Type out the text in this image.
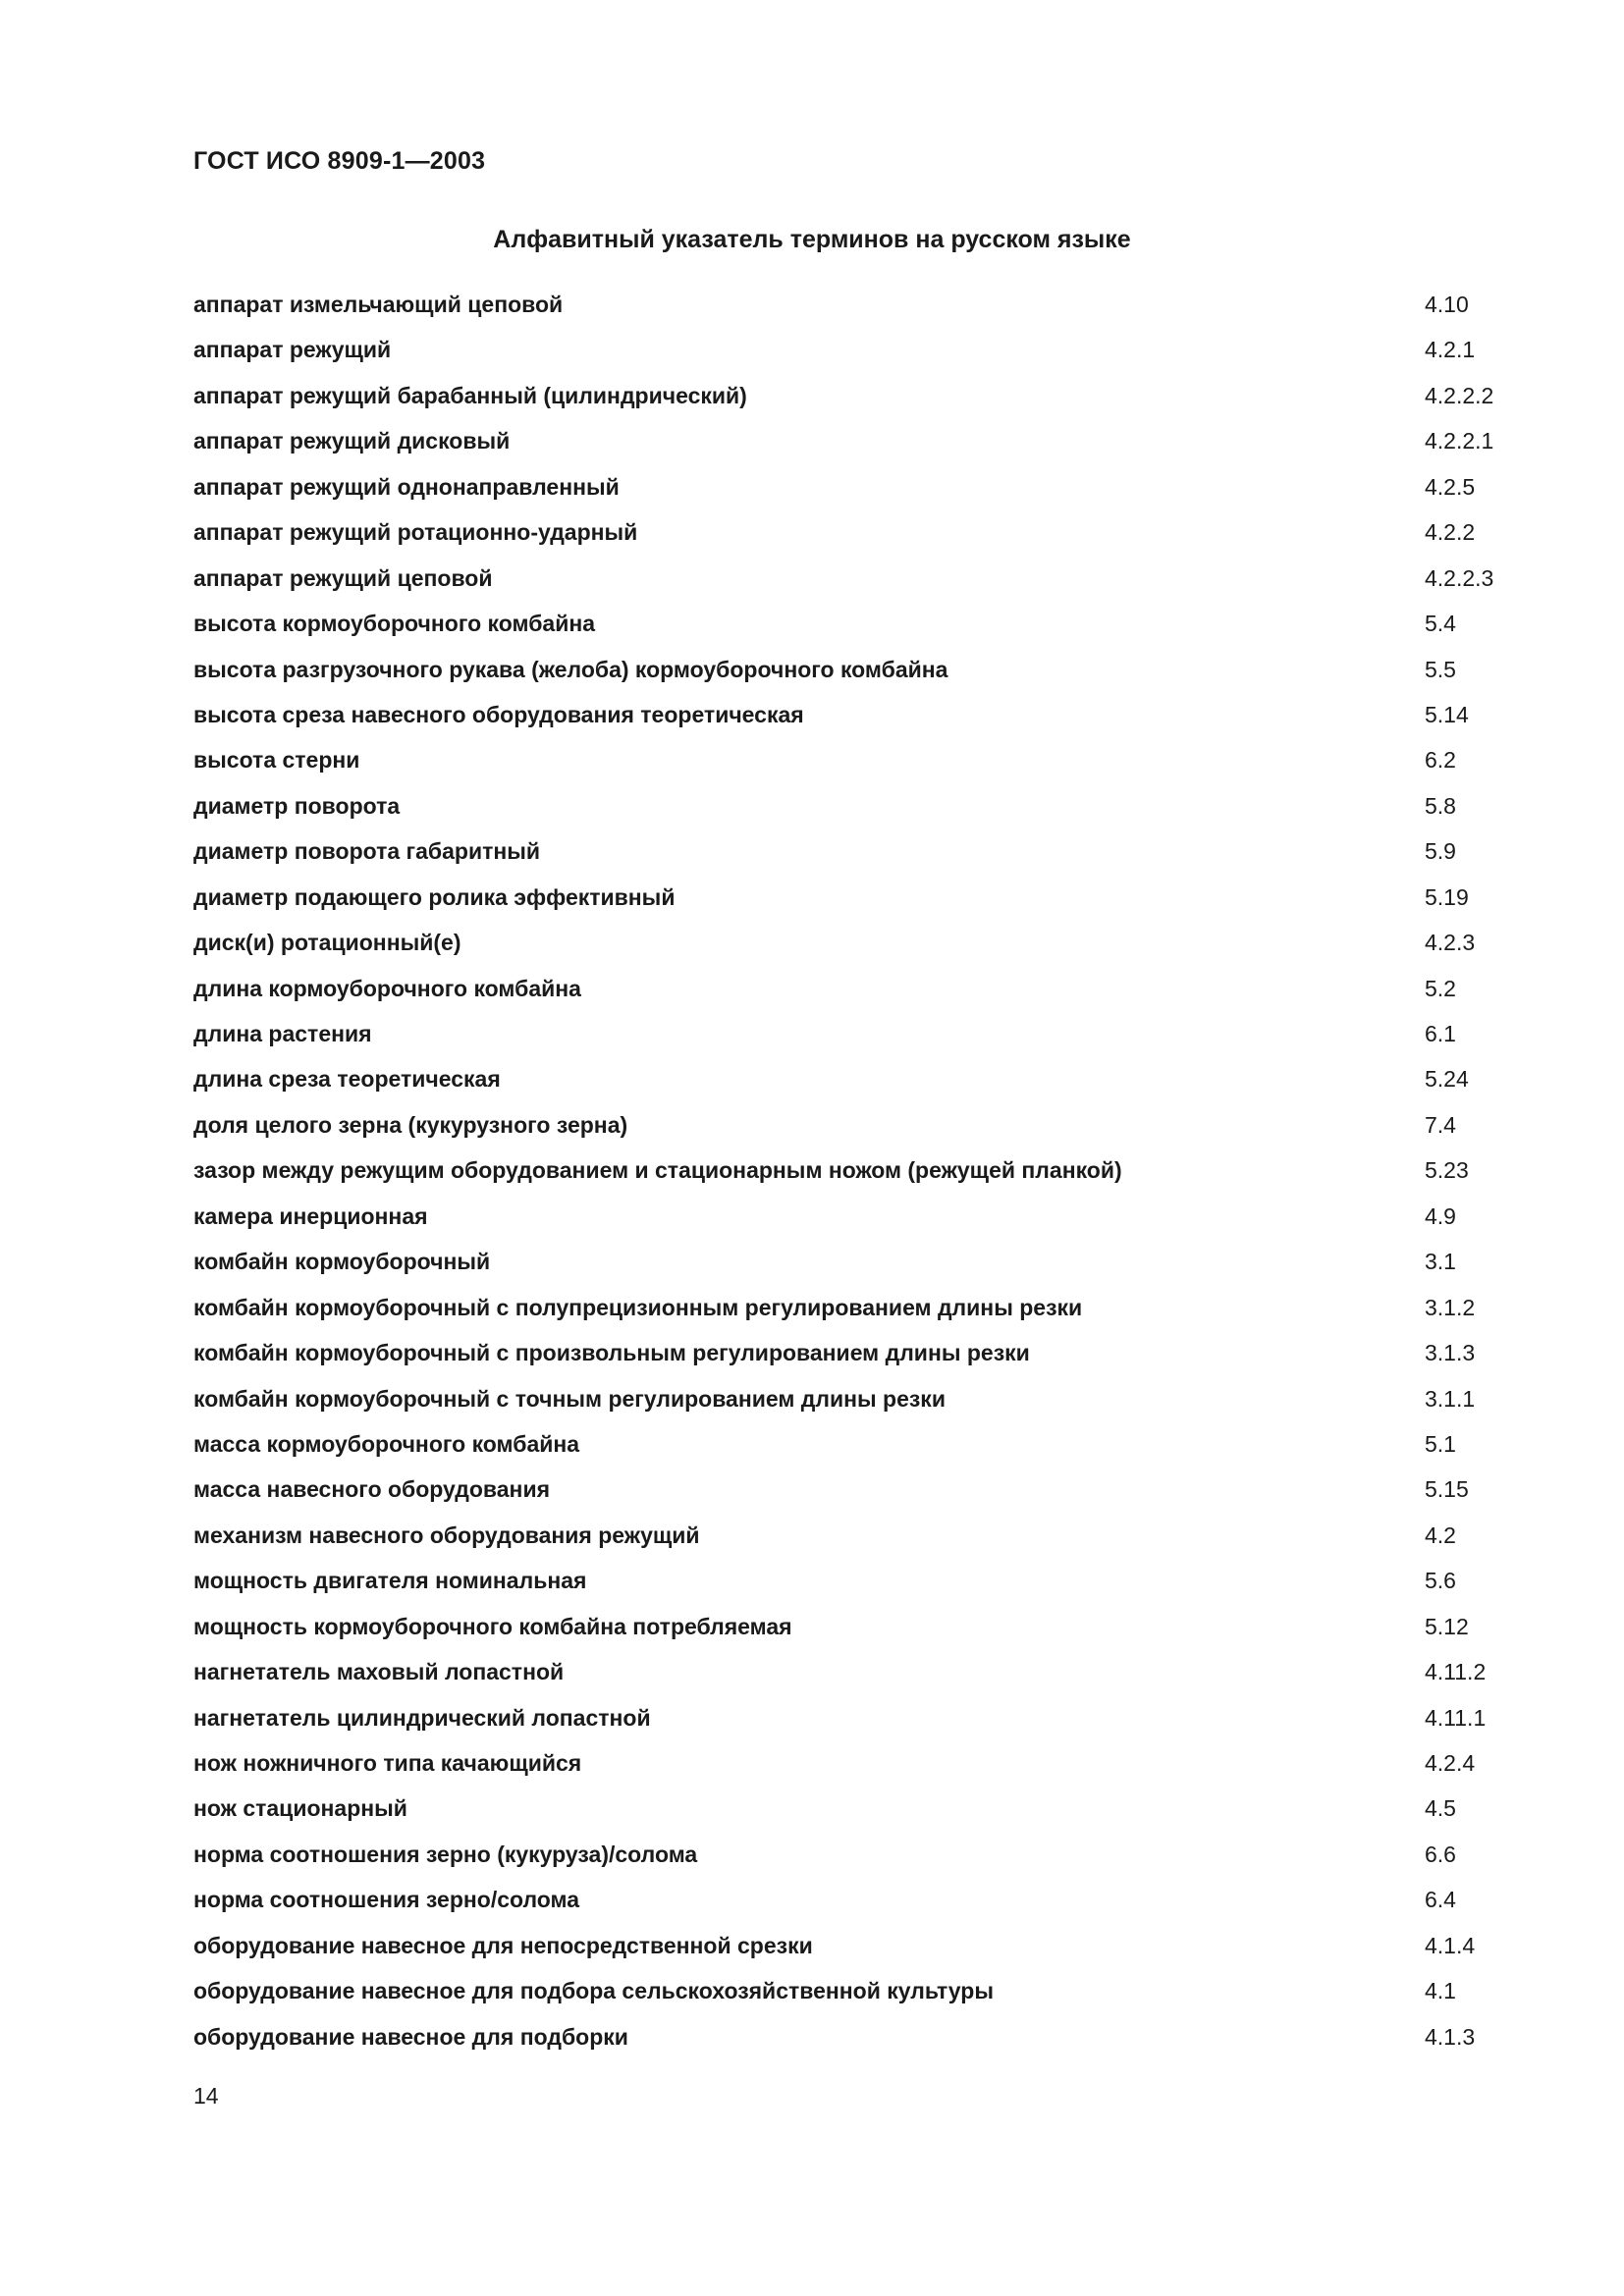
ГОСТ ИСО 8909-1—2003
Алфавитный указатель терминов на русском языке
аппарат измельчающий цеповой	4.10
аппарат режущий	4.2.1
аппарат режущий барабанный (цилиндрический)	4.2.2.2
аппарат режущий дисковый	4.2.2.1
аппарат режущий однонаправленный	4.2.5
аппарат режущий ротационно-ударный	4.2.2
аппарат режущий цеповой	4.2.2.3
высота кормоуборочного комбайна	5.4
высота разгрузочного рукава (желоба) кормоуборочного комбайна	5.5
высота среза навесного оборудования теоретическая	5.14
высота стерни	6.2
диаметр поворота	5.8
диаметр поворота габаритный	5.9
диаметр подающего ролика эффективный	5.19
диск(и) ротационный(е)	4.2.3
длина кормоуборочного комбайна	5.2
длина растения	6.1
длина среза теоретическая	5.24
доля целого зерна (кукурузного зерна)	7.4
зазор между режущим оборудованием и стационарным ножом (режущей планкой)	5.23
камера инерционная	4.9
комбайн кормоуборочный	3.1
комбайн кормоуборочный с полупрецизионным регулированием длины резки	3.1.2
комбайн кормоуборочный с произвольным регулированием длины резки	3.1.3
комбайн кормоуборочный с точным регулированием длины резки	3.1.1
масса кормоуборочного комбайна	5.1
масса навесного оборудования	5.15
механизм навесного оборудования режущий	4.2
мощность двигателя номинальная	5.6
мощность кормоуборочного комбайна потребляемая	5.12
нагнетатель маховый лопастной	4.11.2
нагнетатель цилиндрический лопастной	4.11.1
нож ножничного типа качающийся	4.2.4
нож стационарный	4.5
норма соотношения зерно (кукуруза)/солома	6.6
норма соотношения зерно/солома	6.4
оборудование навесное для непосредственной срезки	4.1.4
оборудование навесное для подбора сельскохозяйственной культуры	4.1
оборудование навесное для подборки	4.1.3
14
